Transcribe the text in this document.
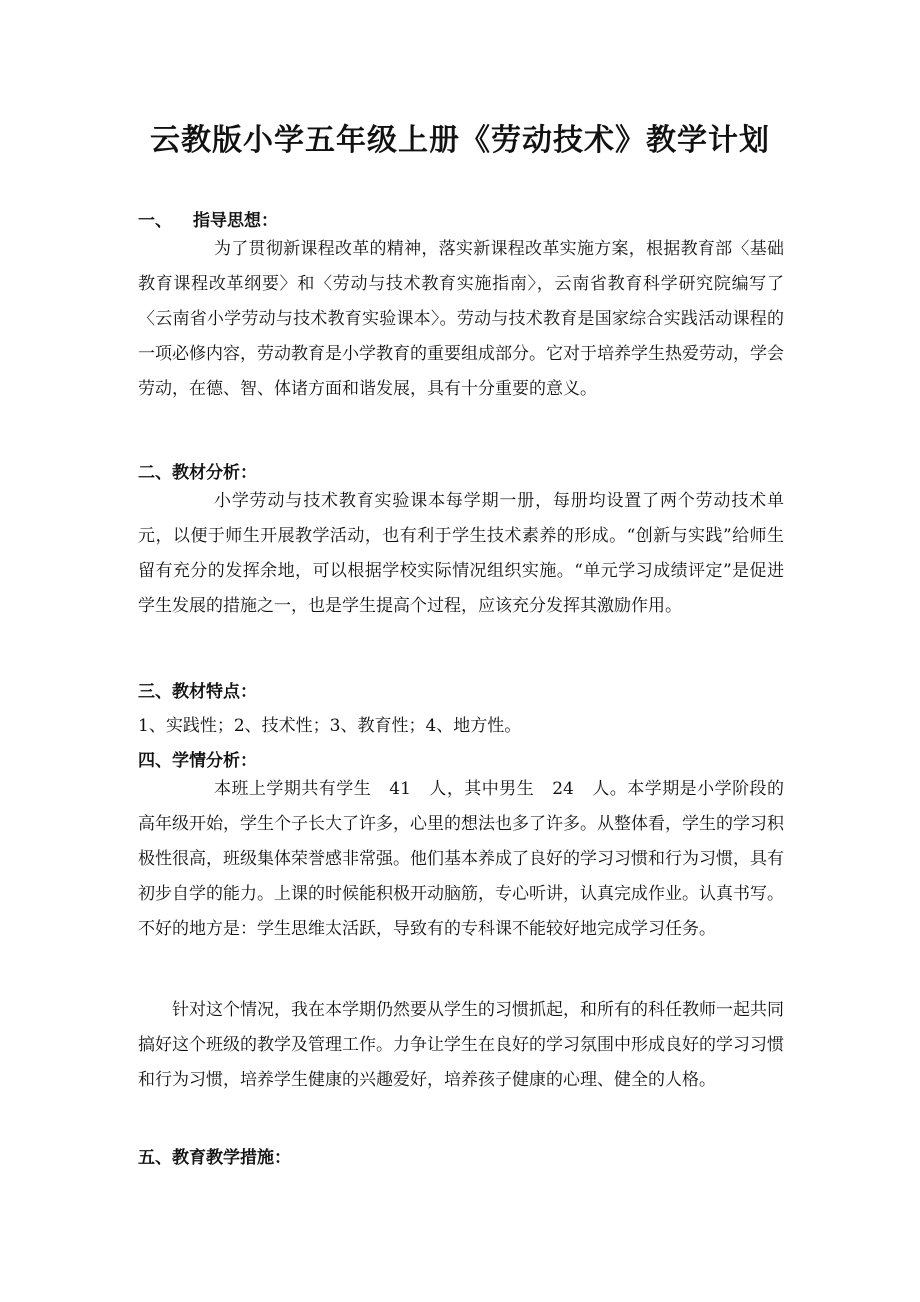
云教版小学五年级上册《劳动技术》教学计划
一、 指导思想：

为了贯彻新课程改革的精神，落实新课程改革实施方案，根据教育部〈基础教育课程改革纲要〉和〈劳动与技术教育实施指南〉，云南省教育科学研究院编写了〈云南省小学劳动与技术教育实验课本〉。劳动与技术教育是国家综合实践活动课程的一项必修内容，劳动教育是小学教育的重要组成部分。它对于培养学生热爱劳动，学会劳动，在德、智、体诸方面和谐发展，具有十分重要的意义。

二、教材分析：

小学劳动与技术教育实验课本每学期一册，每册均设置了两个劳动技术单元，以便于师生开展教学活动，也有利于学生技术素养的形成。“创新与实践”给师生留有充分的发挥余地，可以根据学校实际情况组织实施。“单元学习成绩评定”是促进学生发展的措施之一，也是学生提高个过程，应该充分发挥其激励作用。

三、教材特点：
1、实践性；2、技术性；3、教育性；4、地方性。
四、学情分析：

本班上学期共有学生 41 人，其中男生 24 人。本学期是小学阶段的高年级开始，学生个子长大了许多，心里的想法也多了许多。从整体看，学生的学习积极性很高，班级集体荣誉感非常强。他们基本养成了良好的学习习惯和行为习惯，具有初步自学的能力。上课的时候能积极开动脑筋，专心听讲，认真完成作业。认真书写。不好的地方是：学生思维太活跃，导致有的专科课不能较好地完成学习任务。

针对这个情况，我在本学期仍然要从学生的习惯抓起，和所有的科任教师一起共同搞好这个班级的教学及管理工作。力争让学生在良好的学习氛围中形成良好的学习习惯和行为习惯，培养学生健康的兴趣爱好，培养孩子健康的心理、健全的人格。

五、教育教学措施：
